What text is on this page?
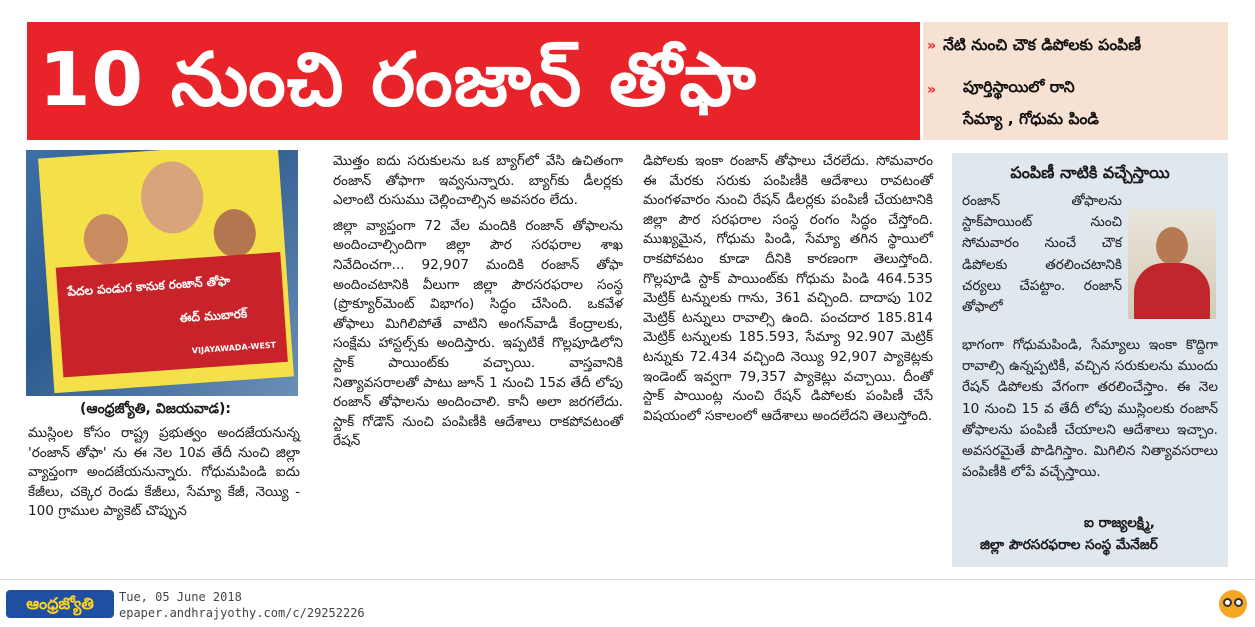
10 నుంచి రంజాన్ తోఫా	» నేటి నుంచి చౌక డిపోలకు పంపిణీ
» పూర్తిస్థాయిలో రాని
సేమ్యా , గోధుమ పిండి
పేదల పండుగ కానుక రంజాన్ తోఫా
ఈద్ ముబారక్
VIJAYAWADA-WEST
(ఆంధ్రజ్యోతి, విజయవాడ):

ముస్లింల కోసం రాష్ట్ర ప్రభుత్వం అందజేయనున్న 'రంజాన్ తోఫా' ను ఈ నెల 10వ తేదీ నుంచి జిల్లా వ్యాప్తంగా అందజేయనున్నారు. గోధుమపిండి ఐదు కేజీలు, చక్కెర రెండు కేజీలు, సేమ్యా కేజీ, నెయ్యి - 100 గ్రాముల ప్యాకెట్ చొప్పున

మొత్తం ఐదు సరుకులను ఒక బ్యాగ్‌లో వేసి ఉచితంగా రంజాన్ తోఫాగా ఇవ్వనున్నారు. బ్యాగ్‌కు డీలర్లకు ఎలాంటి రుసుము చెల్లించాల్సిన అవసరం లేదు.

జిల్లా వ్యాప్తంగా 72 వేల మందికి రంజాన్ తోఫాలను అందించాల్సిందిగా జిల్లా పౌర సరఫరాల శాఖ నివేదించగా... 92,907 మందికి రంజాన్ తోఫా అందించటానికి వీలుగా జిల్లా పౌరసరఫరాల సంస్థ (ప్రొక్యూర్‌మెంట్ విభాగం) సిద్ధం చేసింది. ఒకవేళ తోఫాలు మిగిలిపోతే వాటిని అంగన్‌వాడీ కేంద్రాలకు, సంక్షేమ హాస్టల్స్‌కు అందిస్తారు. ఇప్పటికే గొల్లపూడిలోని స్టాక్ పాయింట్‌కు వచ్చాయి. వాస్తవానికి నిత్యావసరాలతో పాటు జూన్ 1 నుంచి 15వ తేదీ లోపు రంజాన్ తోఫాలను అందించాలి. కానీ అలా జరగలేదు. స్టాక్ గోడౌన్ నుంచి పంపిణీకి ఆదేశాలు రాకపోవటంతో రేషన్

డిపోలకు ఇంకా రంజాన్ తోఫాలు చేరలేదు. సోమవారం ఈ మేరకు సరుకు పంపిణీకి ఆదేశాలు రావటంతో మంగళవారం నుంచి రేషన్ డీలర్లకు పంపిణీ చేయటానికి జిల్లా పౌర సరఫరాల సంస్థ రంగం సిద్ధం చేస్తోంది. ముఖ్యమైన, గోధుమ పిండి, సేమ్యా తగిన స్థాయిలో రాకపోవటం కూడా దీనికి కారణంగా తెలుస్తోంది. గొల్లపూడి స్టాక్ పాయింట్‌కు గోధుమ పిండి 464.535 మెట్రిక్ టన్నులకు గాను, 361 వచ్చింది. దాదాపు 102 మెట్రిక్ టన్నులు రావాల్సి ఉంది. పంచదార 185.814 మెట్రిక్ టన్నులకు 185.593, సేమ్యా 92.907 మెట్రిక్ టన్నుకు 72.434 వచ్చింది నెయ్యి 92,907 ప్యాకెట్లకు ఇండెంట్ ఇవ్వగా 79,357 ప్యాకెట్లు వచ్చాయి. దీంతో స్టాక్ పాయింట్ల నుంచి రేషన్ డిపోలకు పంపిణీ చేసే విషయంలో సకాలంలో ఆదేశాలు అందలేదని తెలుస్తోంది.

పంపిణీ నాటికి వచ్చేస్తాయి
రంజాన్ తోఫాలను స్టాక్‌పాయింట్ నుంచి సోమవారం నుంచే చౌక డిపోలకు తరలించటానికి చర్యలు చేపట్టాం. రంజాన్ తోఫాలో
భాగంగా గోధుమపిండి, సేమ్యాలు ఇంకా కొద్దిగా రావాల్సి ఉన్నప్పటికీ, వచ్చిన సరుకులను ముందు రేషన్ డిపోలకు వేగంగా తరలించేస్తాం. ఈ నెల 10 నుంచి 15 వ తేదీ లోపు ముస్లింలకు రంజాన్ తోఫాలను పంపిణీ చేయాలని ఆదేశాలు ఇచ్చాం. అవసరమైతే పొడిగిస్తాం. మిగిలిన నిత్యావసరాలు పంపిణీకి లోపే వచ్చేస్తాయి.
ఐ రాజ్యలక్ష్మి,
జిల్లా పౌరసరఫరాల సంస్థ మేనేజర్
ఆంధ్రజ్యోతి	Tue, 05 June 2018
epaper.andhrajyothy.com/c/29252226
